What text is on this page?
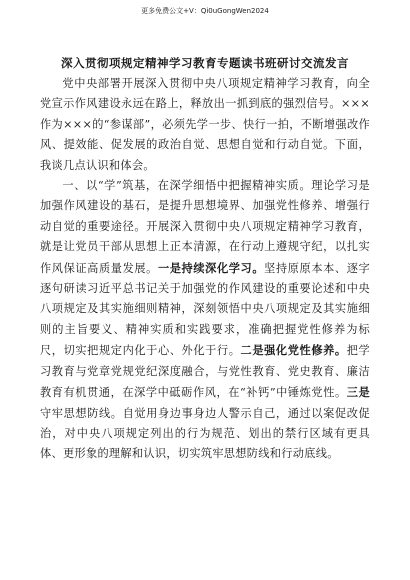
更多免费公文+V：Qi0uGongWen2024
深入贯彻项规定精神学习教育专题读书班研讨交流发言

党中央部署开展深入贯彻中央八项规定精神学习教育，向全党宣示作风建设永远在路上，释放出一抓到底的强烈信号。×××作为×××的“参谋部”，必须先学一步、快行一拍，不断增强改作风、提效能、促发展的政治自觉、思想自觉和行动自觉。下面，我谈几点认识和体会。

一、以“学”筑基，在深学细悟中把握精神实质。理论学习是加强作风建设的基石，是提升思想境界、加强党性修养、增强行动自觉的重要途径。开展深入贯彻中央八项规定精神学习教育，就是让党员干部从思想上正本清源，在行动上遵规守纪，以扎实作风保证高质量发展。一是持续深化学习。坚持原原本本、逐字逐句研读习近平总书记关于加强党的作风建设的重要论述和中央八项规定及其实施细则精神，深刻领悟中央八项规定及其实施细则的主旨要义、精神实质和实践要求，准确把握党性修养为标尺，切实把规定内化于心、外化于行。二是强化党性修养。把学习教育与党章党规党纪深度融合，与党性教育、党史教育、廉洁教育有机贯通，在深学中砥砺作风，在“补钙”中锤炼党性。三是守牢思想防线。自觉用身边事身边人警示自己，通过以案促改促治，对中央八项规定列出的行为规范、划出的禁行区域有更具体、更形象的理解和认识，切实筑牢思想防线和行动底线。
